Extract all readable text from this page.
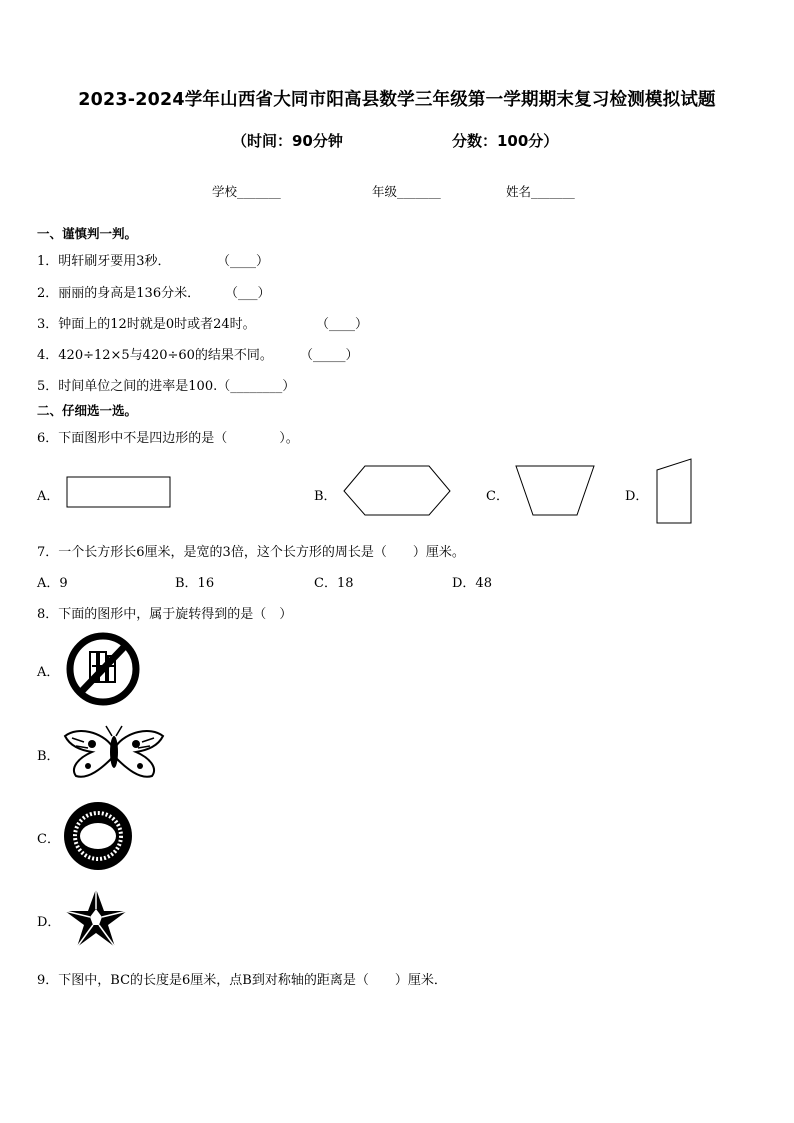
2023-2024学年山西省大同市阳高县数学三年级第一学期期末复习检测模拟试题
（时间：90分钟	分数：100分）
学校_______	年级_______	姓名_______
一、谨慎判一判。
1．明轩刷牙要用3秒．	（____）
2．丽丽的身高是136分米． （___）
3．钟面上的12时就是0时或者24时。	（____）
4．420÷12×5与420÷60的结果不同。 （_____）
5．时间单位之间的进率是100.（________）
二、仔细选一选。
6．下面图形中不是四边形的是（　　　　）。
A．	B．	C．	D．
7．一个长方形长6厘米，是宽的3倍，这个长方形的周长是（　　）厘米。
A．9	B．16	C．18	D．48
8．下面的图形中，属于旋转得到的是（　）
A．
B．
C．
D．
9．下图中，BC的长度是6厘米，点B到对称轴的距离是（　　）厘米．
